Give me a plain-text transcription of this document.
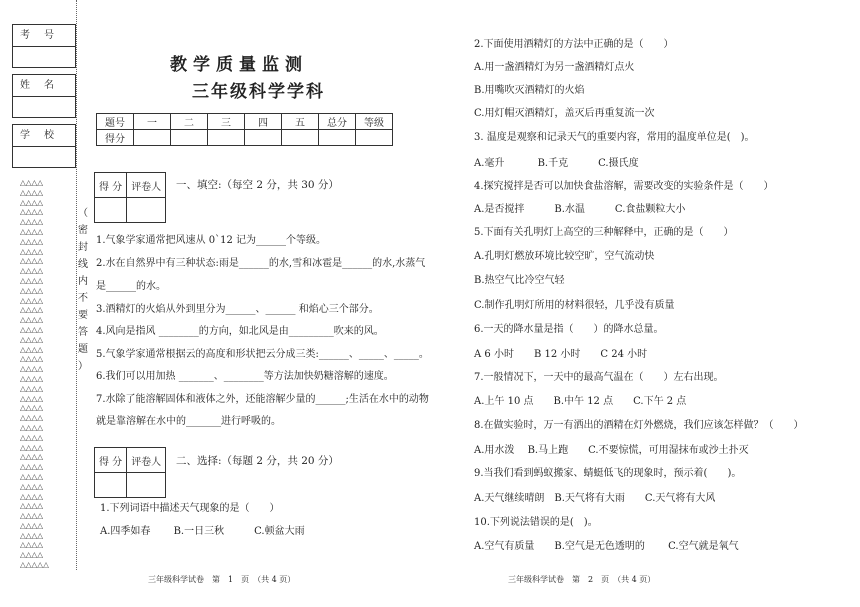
考号
姓名
学校
△△△△
△△△△
△△△△
△△△△
△△△△
△△△△
△△△△
△△△△
△△△△
△△△△
△△△△
△△△△
△△△△
△△△△
△△△△
△△△△
△△△△
△△△△
△△△△
△△△△
△△△△
△△△△
△△△△
△△△△
△△△△
△△△△
△△△△
△△△△
△△△△
△△△△
△△△△
△△△△
△△△△
△△△△
△△△△
△△△△
△△△△
△△△△
△△△△
△△△△△
（
密
封
线
内
不
要
答
题
）
教学质量监测
三年级科学学科
题号	一	二	三	四	五	总分	等级
得分							
得 分	评卷人
	一、填空:（每空 2 分，共 30 分）
1.气象学家通常把风速从 0`12 记为______个等级。
2.水在自然界中有三种状态:雨是______的水,雪和冰雹是______的水,水蒸气
是______的水。
3.酒精灯的火焰从外到里分为______、______ 和焰心三个部分。
4.风向是指风 ________的方向，如北风是由_________吹来的风。
5.气象学家通常根据云的高度和形状把云分成三类:______、_____、_____。
6.我们可以用加热 _______、________等方法加快奶糖溶解的速度。
7.水除了能溶解固体和液体之外，还能溶解少量的______;生活在水中的动物
就是靠溶解在水中的_______进行呼吸的。
得 分	评卷人
	二、选择:（每题 2 分，共 20 分）
1.下列词语中描述天气现象的是（　　）
A.四季如春　　 B.一日三秋　　　C.顿盆大雨
三年级科学试卷　第　1　页　（共 4 页）
2.下面使用酒精灯的方法中正确的是（　　）
A.用一盏酒精灯为另一盏酒精灯点火
B.用嘴吹灭酒精灯的火焰
C.用灯帽灭酒精灯，盖灭后再重复流一次
3. 温度是观察和记录天气的重要内容，常用的温度单位是(　)。
A.毫升　　　 B.千克　　　C.摄氏度
4.探究搅拌是否可以加快食盐溶解，需要改变的实验条件是（　　）
A.是否搅拌　　　B.水温　　　C.食盐颗粒大小
5.下面有关孔明灯上高空的三种解释中，正确的是（　　）
A.孔明灯燃放环境比较空旷，空气流动快
B.热空气比冷空气轻
C.制作孔明灯所用的材料很轻，几乎没有质量
6.一天的降水量是指（　　）的降水总量。
A 6 小时　　B 12 小时　　C 24 小时
7.一般情况下，一天中的最高气温在（　　）左右出现。
A.上午 10 点　　B.中午 12 点　　C.下午 2 点
8.在做实验时，万一有洒出的酒精在灯外燃烧，我们应该怎样做？（　　）
A.用水泼　 B.马上跑　　C.不要惊慌，可用湿抹布或沙土扑灭
9.当我们看到蚂蚁搬家、蜻蜓低飞的现象时，预示着(　　)。
A.天气继续晴朗　B.天气将有大雨　　C.天气将有大风
10.下列说法错误的是(　)。
A.空气有质量　　B.空气是无色透明的　　 C.空气就是氧气
三年级科学试卷　第　2　页　（共 4 页）
